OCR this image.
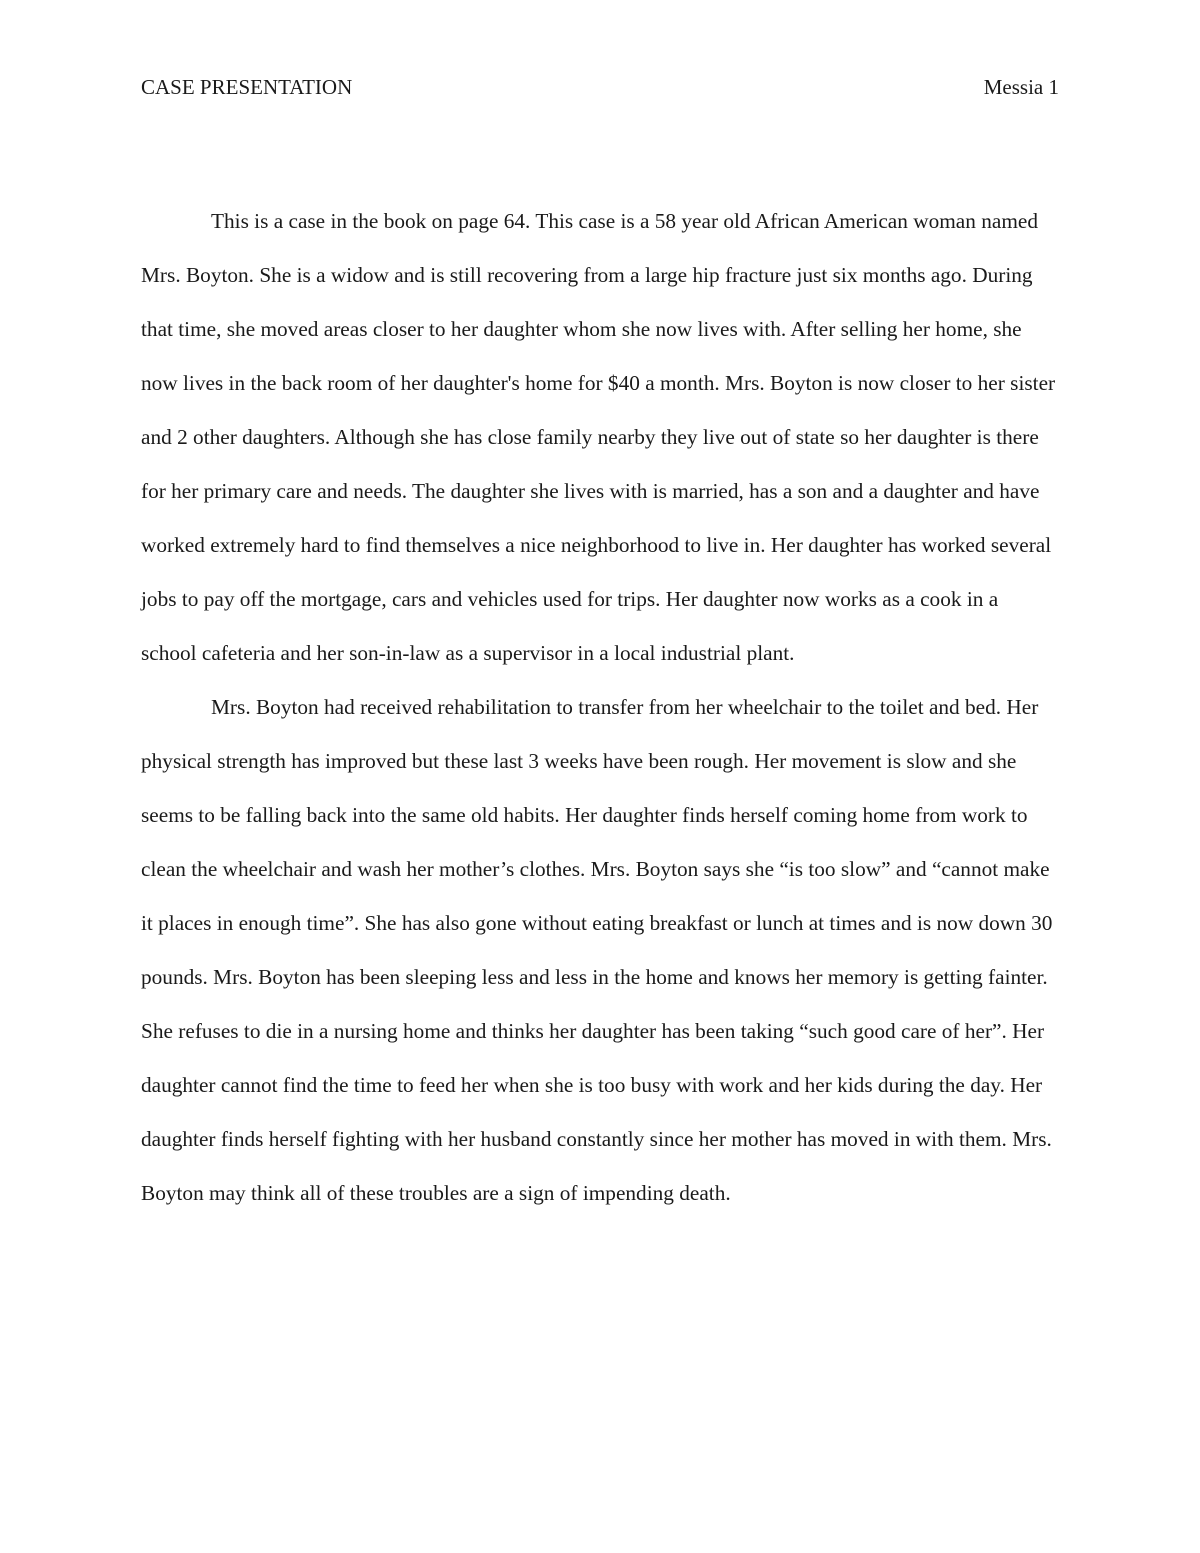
CASE PRESENTATION	Messia 1

This is a case in the book on page 64. This case is a 58 year old African American woman named Mrs. Boyton. She is a widow and is still recovering from a large hip fracture just six months ago. During that time, she moved areas closer to her daughter whom she now lives with. After selling her home, she now lives in the back room of her daughter's home for $40 a month. Mrs. Boyton is now closer to her sister and 2 other daughters. Although she has close family nearby they live out of state so her daughter is there for her primary care and needs. The daughter she lives with is married, has a son and a daughter and have worked extremely hard to find themselves a nice neighborhood to live in. Her daughter has worked several jobs to pay off the mortgage, cars and vehicles used for trips. Her daughter now works as a cook in a school cafeteria and her son-in-law as a supervisor in a local industrial plant.

Mrs. Boyton had received rehabilitation to transfer from her wheelchair to the toilet and bed. Her physical strength has improved but these last 3 weeks have been rough. Her movement is slow and she seems to be falling back into the same old habits. Her daughter finds herself coming home from work to clean the wheelchair and wash her mother’s clothes. Mrs. Boyton says she “is too slow” and “cannot make it places in enough time”. She has also gone without eating breakfast or lunch at times and is now down 30 pounds. Mrs. Boyton has been sleeping less and less in the home and knows her memory is getting fainter. She refuses to die in a nursing home and thinks her daughter has been taking “such good care of her”. Her daughter cannot find the time to feed her when she is too busy with work and her kids during the day. Her daughter finds herself fighting with her husband constantly since her mother has moved in with them. Mrs. Boyton may think all of these troubles are a sign of impending death.
